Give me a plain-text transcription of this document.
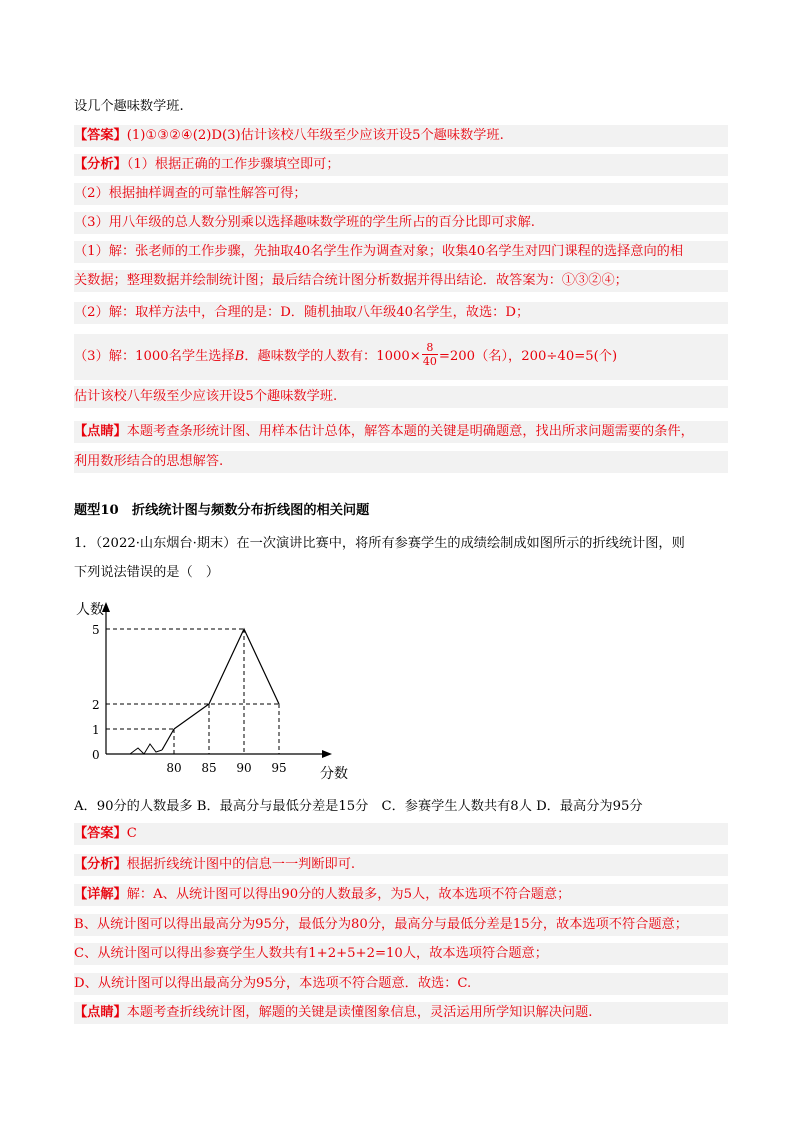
设几个趣味数学班.
【答案】(1)①③②④(2)D(3)估计该校八年级至少应该开设5个趣味数学班.
【分析】（1）根据正确的工作步骤填空即可；
（2）根据抽样调查的可靠性解答可得；
（3）用八年级的总人数分别乘以选择趣味数学班的学生所占的百分比即可求解.
（1）解：张老师的工作步骤，先抽取40名学生作为调查对象；收集40名学生对四门课程的选择意向的相
关数据；整理数据并绘制统计图；最后结合统计图分析数据并得出结论．故答案为：①③②④；
（2）解：取样方法中，合理的是：D．随机抽取八年级40名学生，故选：D；
（3）解：1000名学生选择B．趣味数学的人数有：$1000\times \frac{8}{40} =200$（名），200÷40=5(个)
估计该校八年级至少应该开设5个趣味数学班.
【点睛】本题考查条形统计图、用样本估计总体，解答本题的关键是明确题意，找出所求问题需要的条件，
利用数形结合的思想解答.
题型10　折线统计图与频数分布折线图的相关问题
1．（2022·山东烟台·期末）在一次演讲比赛中，将所有参赛学生的成绩绘制成如图所示的折线统计图，则
下列说法错误的是（　）
人数
分数
0
1
2
5
80 85 90 95
A．90分的人数最多 B．最高分与最低分差是15分　C．参赛学生人数共有8人 D．最高分为95分
【答案】C
【分析】根据折线统计图中的信息一一判断即可.
【详解】解：A、从统计图可以得出90分的人数最多，为5人，故本选项不符合题意；
B、从统计图可以得出最高分为95分，最低分为80分，最高分与最低分差是15分，故本选项不符合题意；
C、从统计图可以得出参赛学生人数共有1+2+5+2=10人，故本选项符合题意；
D、从统计图可以得出最高分为95分，本选项不符合题意．故选：C.
【点睛】本题考查折线统计图，解题的关键是读懂图象信息，灵活运用所学知识解决问题.
